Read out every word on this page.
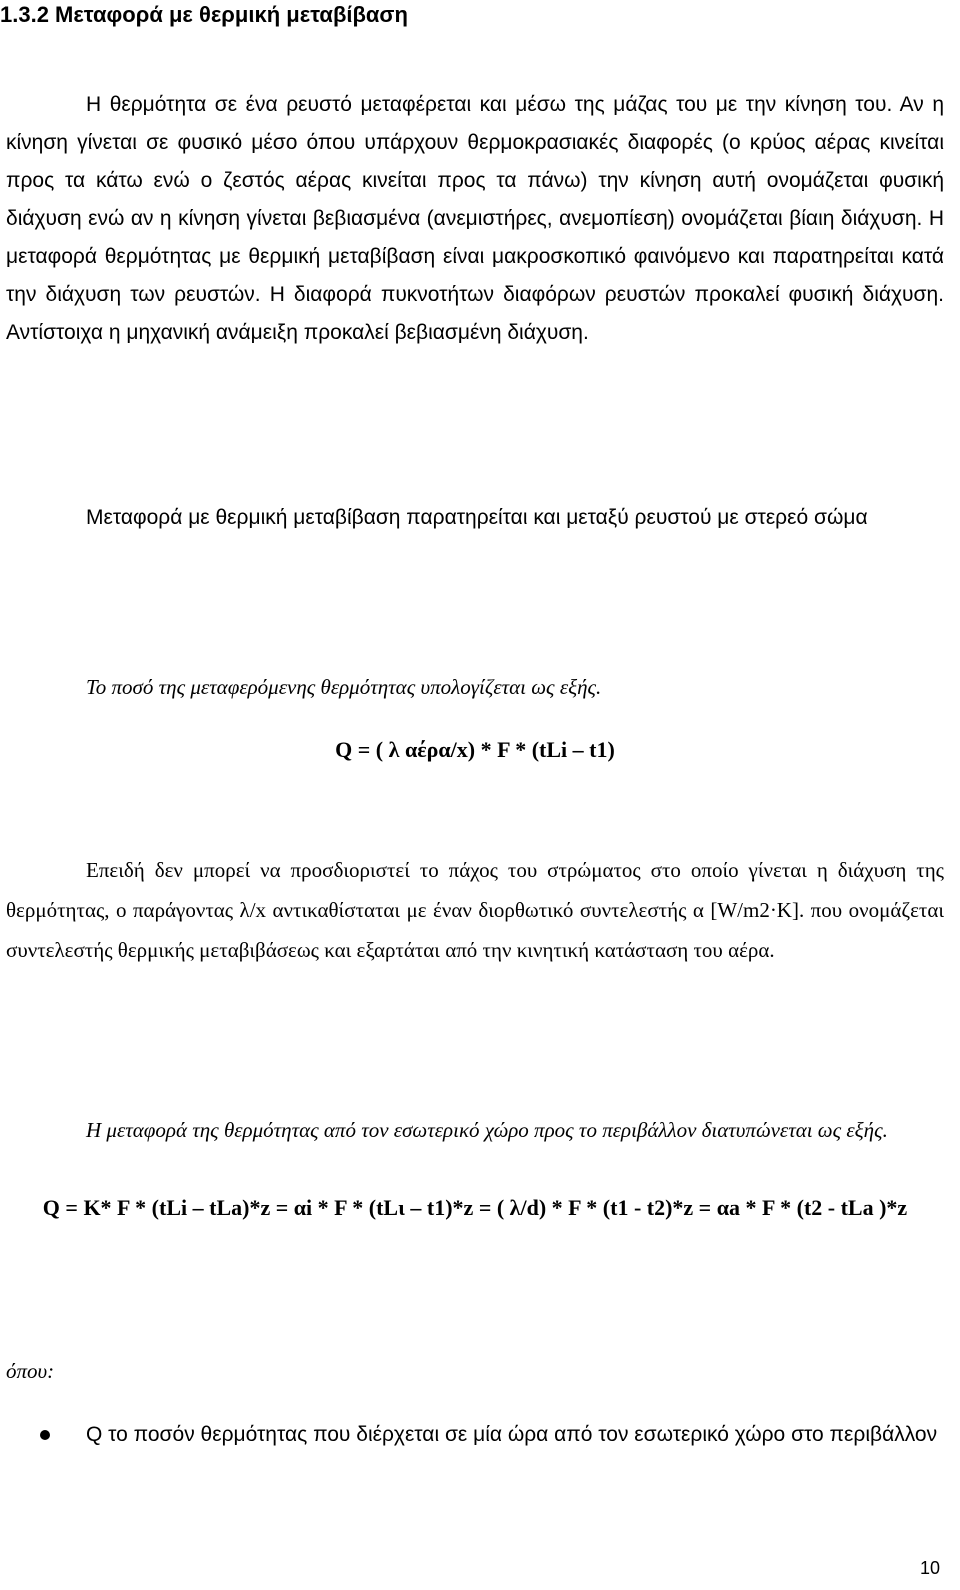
1.3.2 Μεταφορά με θερμική μεταβίβαση

Η θερμότητα σε ένα ρευστό μεταφέρεται και μέσω της μάζας του με την κίνηση του. Αν η κίνηση γίνεται σε φυσικό μέσο όπου υπάρχουν θερμοκρασιακές διαφορές (ο κρύος αέρας κινείται προς τα κάτω ενώ ο ζεστός αέρας κινείται προς τα πάνω) την κίνηση αυτή ονομάζεται φυσική διάχυση ενώ αν η κίνηση γίνεται βεβιασμένα (ανεμιστήρες, ανεμοπίεση) ονομάζεται βίαιη διάχυση. Η μεταφορά θερμότητας με θερμική μεταβίβαση είναι μακροσκοπικό φαινόμενο και παρατηρείται κατά την διάχυση των ρευστών. Η διαφορά πυκνοτήτων διαφόρων ρευστών προκαλεί φυσική διάχυση. Αντίστοιχα η μηχανική ανάμειξη προκαλεί βεβιασμένη διάχυση.

Μεταφορά με θερμική μεταβίβαση παρατηρείται και μεταξύ ρευστού με στερεό σώμα

Το ποσό της μεταφερόμενης θερμότητας υπολογίζεται ως εξής.

Q = ( λ αέρα/x) * F * (tLi – t1)

Επειδή δεν μπορεί να προσδιοριστεί το πάχος του στρώματος στο οποίο γίνεται η διάχυση της θερμότητας, ο παράγοντας λ/x αντικαθίσταται με έναν διορθωτικό συντελεστής α [W/m2·K]. που ονομάζεται συντελεστής θερμικής μεταβιβάσεως και εξαρτάται από την κινητική κατάσταση του αέρα.

Η μεταφορά της θερμότητας από τον εσωτερικό χώρο προς το περιβάλλον διατυπώνεται ως εξής.

Q = K* F * (tLi – tLa)*z = αi * F * (tLι – t1)*z = ( λ/d) * F * (t1 - t2)*z = αa * F * (t2 - tLa )*z

όπου:

Q το ποσόν θερμότητας που διέρχεται σε μία ώρα από τον εσωτερικό χώρο στο περιβάλλον
10
